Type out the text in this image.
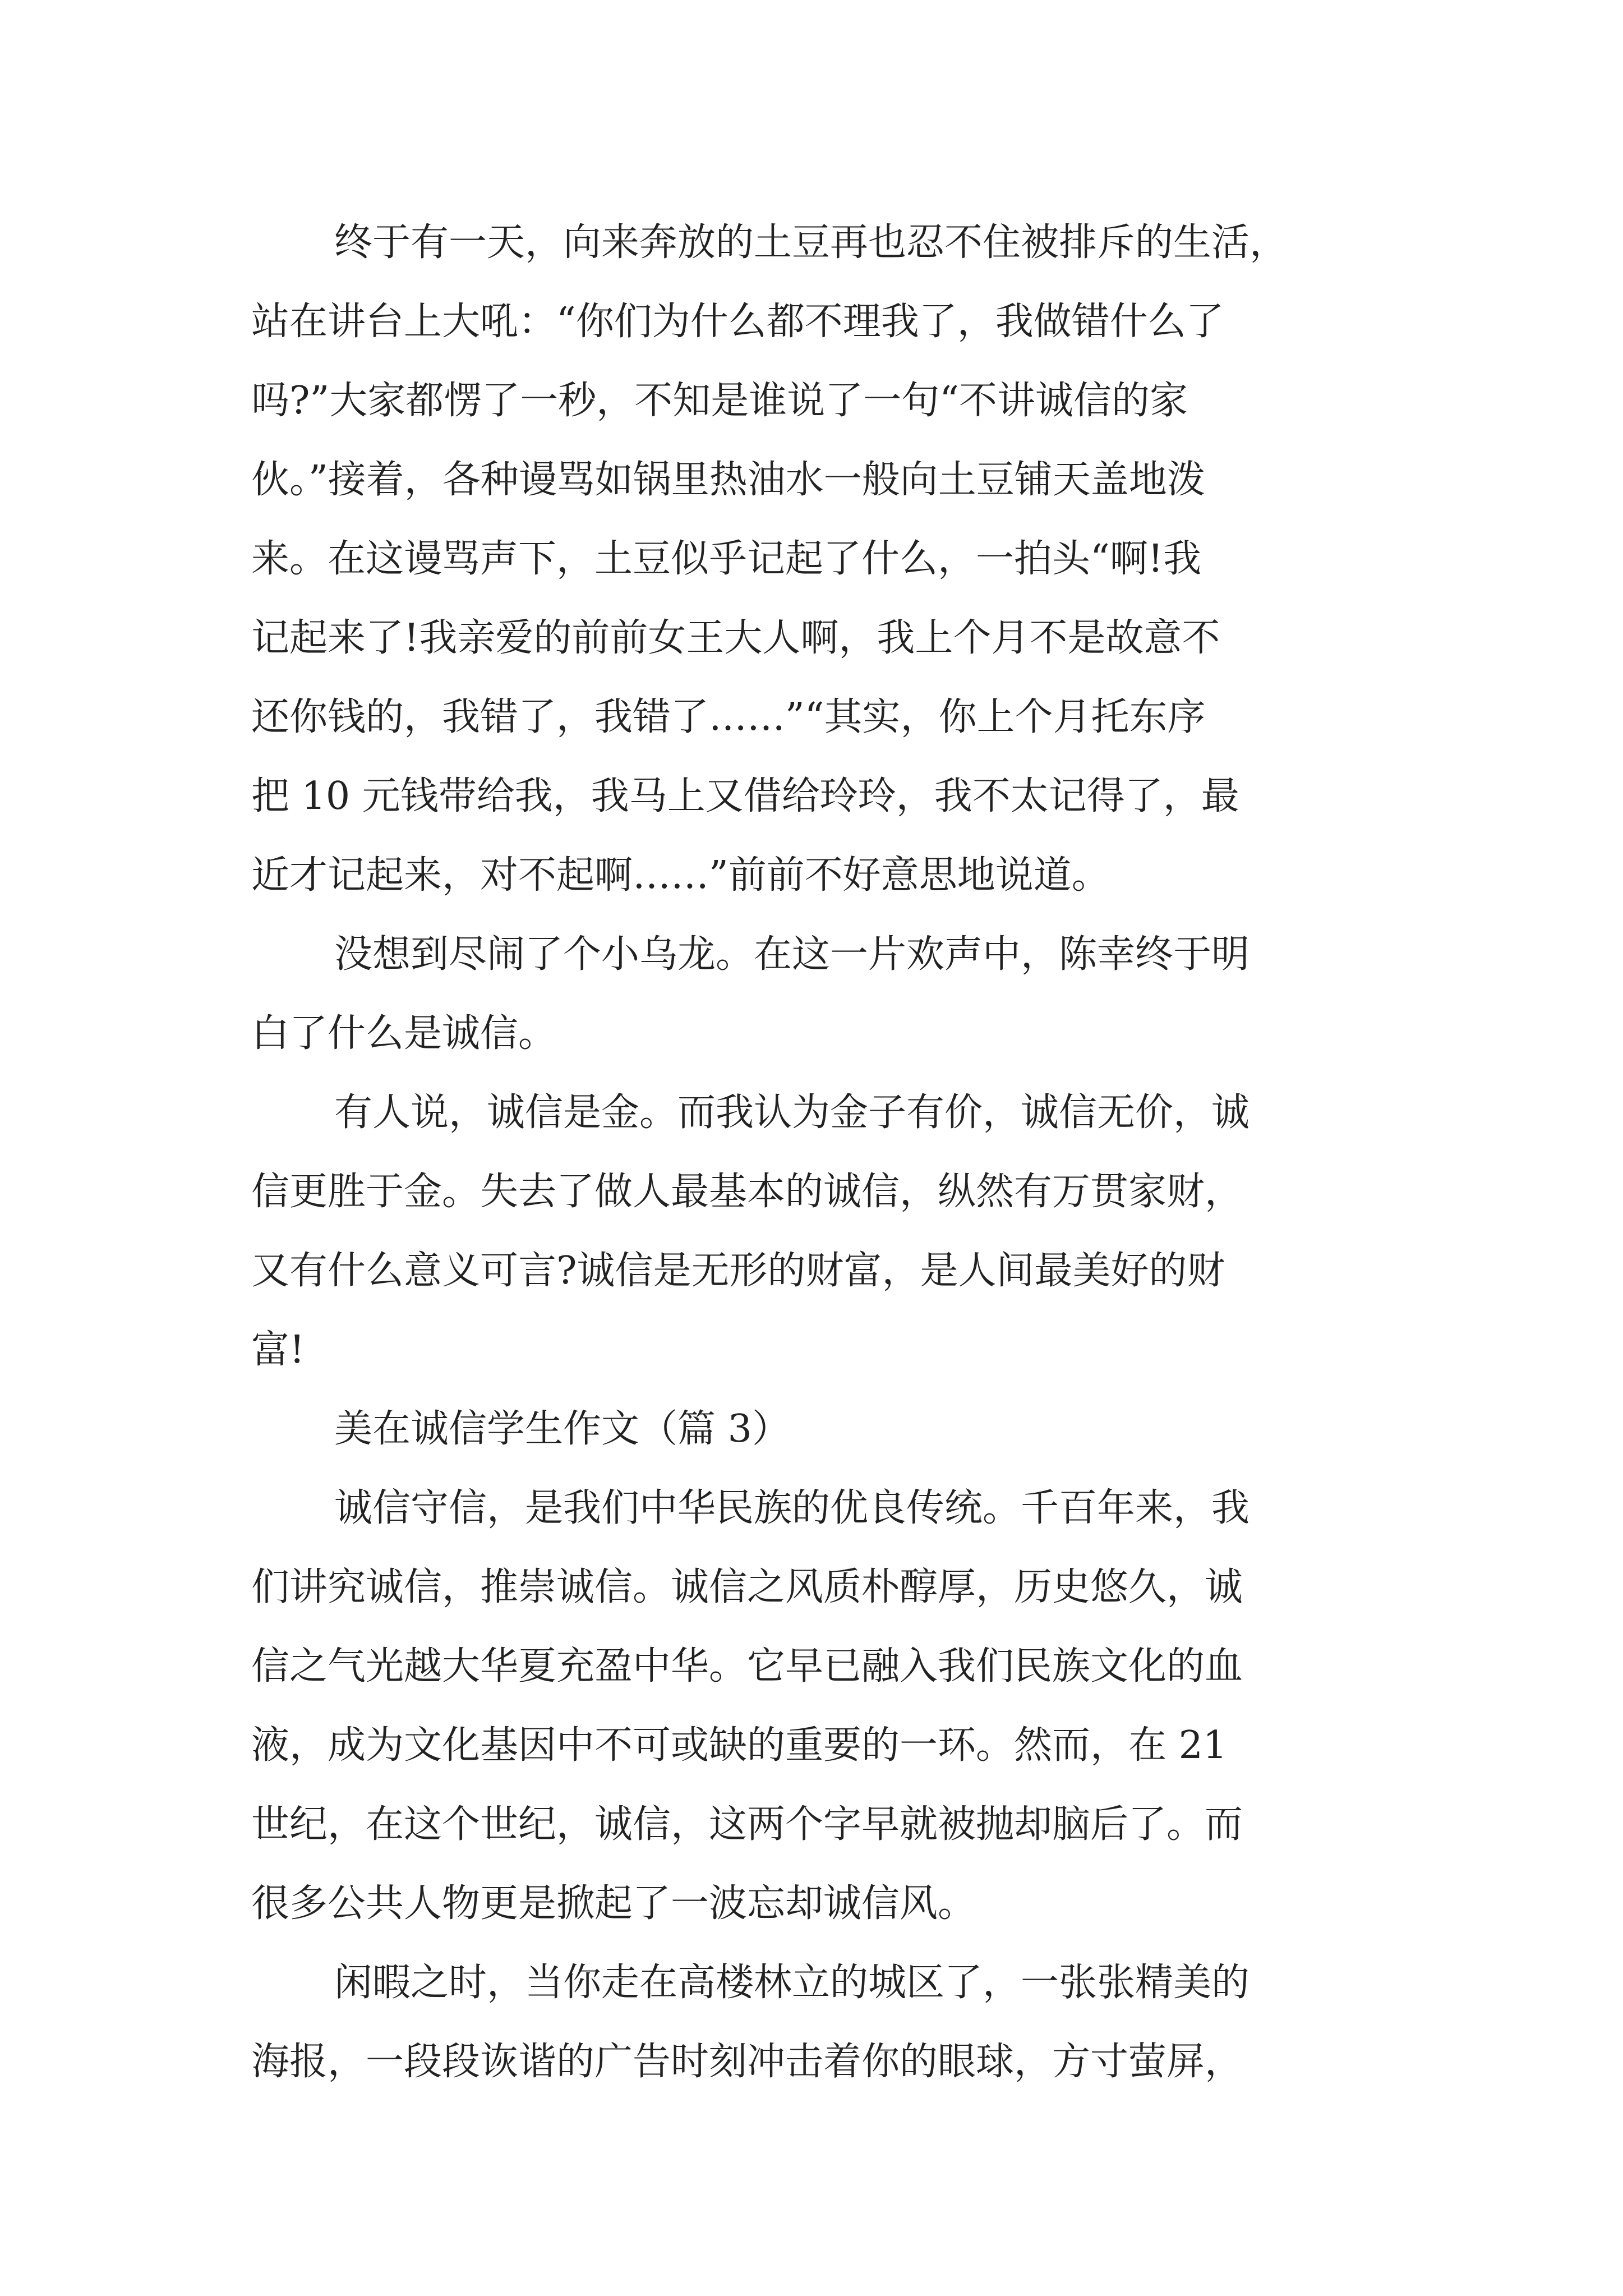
终于有一天，向来奔放的土豆再也忍不住被排斥的生活，
站在讲台上大吼：“你们为什么都不理我了，我做错什么了
吗?”大家都愣了一秒，不知是谁说了一句“不讲诚信的家
伙。”接着，各种谩骂如锅里热油水一般向土豆铺天盖地泼
来。在这谩骂声下，土豆似乎记起了什么，一拍头“啊!我
记起来了!我亲爱的前前女王大人啊，我上个月不是故意不
还你钱的，我错了，我错了……”“其实，你上个月托东序
把 10 元钱带给我，我马上又借给玲玲，我不太记得了，最
近才记起来，对不起啊……”前前不好意思地说道。
没想到尽闹了个小乌龙。在这一片欢声中，陈幸终于明
白了什么是诚信。
有人说，诚信是金。而我认为金子有价，诚信无价，诚
信更胜于金。失去了做人最基本的诚信，纵然有万贯家财，
又有什么意义可言?诚信是无形的财富，是人间最美好的财
富!
美在诚信学生作文（篇 3）
诚信守信，是我们中华民族的优良传统。千百年来，我
们讲究诚信，推崇诚信。诚信之风质朴醇厚，历史悠久，诚
信之气光越大华夏充盈中华。它早已融入我们民族文化的血
液，成为文化基因中不可或缺的重要的一环。然而，在 21
世纪，在这个世纪，诚信，这两个字早就被抛却脑后了。而
很多公共人物更是掀起了一波忘却诚信风。
闲暇之时，当你走在高楼林立的城区了，一张张精美的
海报，一段段诙谐的广告时刻冲击着你的眼球，方寸萤屏，
